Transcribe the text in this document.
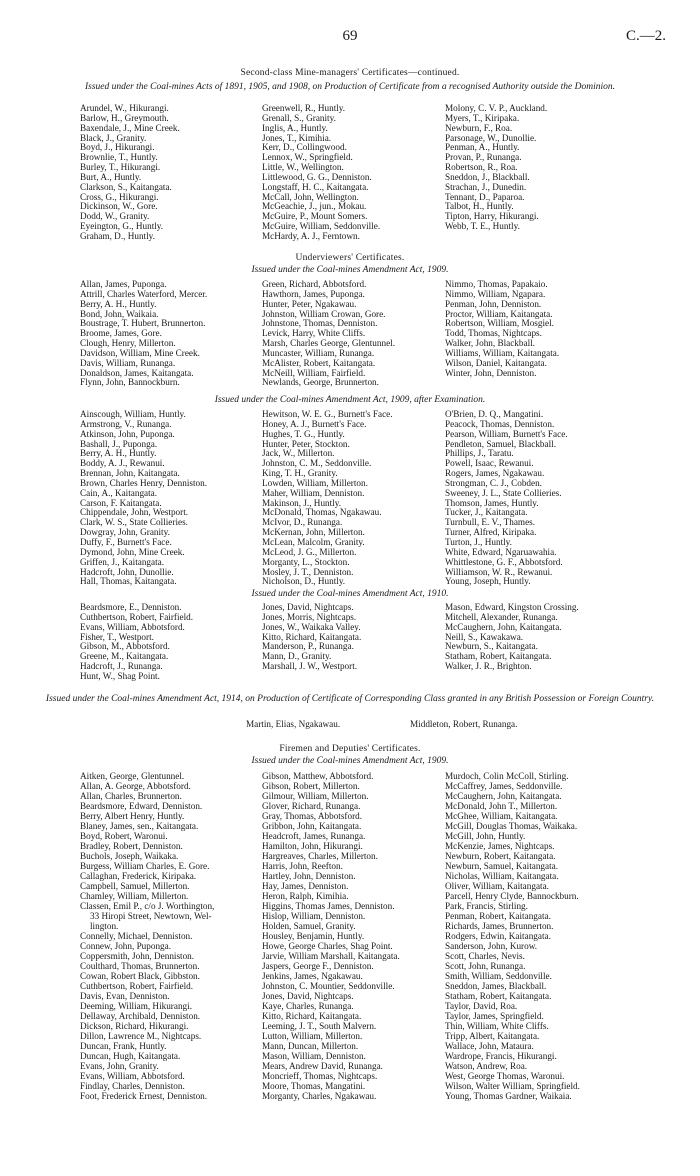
69	C.—2.
Second-class Mine-managers' Certificates—continued.
Issued under the Coal-mines Acts of 1891, 1905, and 1908, on Production of Certificate from a recognised Authority outside the Dominion.
Arundel, W., Hikurangi.
Barlow, H., Greymouth.
Baxendale, J., Mine Creek.
Black, J., Granity.
Boyd, J., Hikurangi.
Brownlie, T., Huntly.
Burley, T., Hikurangi.
Burt, A., Huntly.
Clarkson, S., Kaitangata.
Cross, G., Hikurangi.
Dickinson, W., Gore.
Dodd, W., Granity.
Eyeington, G., Huntly.
Graham, D., Huntly.
Greenwell, R., Huntly.
Grenall, S., Granity.
Inglis, A., Huntly.
Jones, T., Kimihia.
Kerr, D., Collingwood.
Lennox, W., Springfield.
Little, W., Wellington.
Littlewood, G. G., Denniston.
Longstaff, H. C., Kaitangata.
McCall, John, Wellington.
McGeachie, J., jun., Mokau.
McGuire, P., Mount Somers.
McGuire, William, Seddonville.
McHardy, A. J., Ferntown.
Molony, C. V. P., Auckland.
Myers, T., Kiripaka.
Newburn, F., Roa.
Parsonage, W., Dunollie.
Penman, A., Huntly.
Provan, P., Runanga.
Robertson, R., Roa.
Sneddon, J., Blackball.
Strachan, J., Dunedin.
Tennant, D., Paparoa.
Talbot, H., Huntly.
Tipton, Harry, Hikurangi.
Webb, T. E., Huntly.
Underviewers' Certificates.
Issued under the Coal-mines Amendment Act, 1909.
Allan, James, Puponga.
Attrill, Charles Waterford, Mercer.
Berry, A. H., Huntly.
Bond, John, Waikaia.
Boustrage, T. Hubert, Brunnerton.
Broome, James, Gore.
Clough, Henry, Millerton.
Davidson, William, Mine Creek.
Davis, William, Runanga.
Donaldson, James, Kaitangata.
Flynn, John, Bannockburn.
Green, Richard, Abbotsford.
Hawthorn, James, Puponga.
Hunter, Peter, Ngakawau.
Johnston, William Crowan, Gore.
Johnstone, Thomas, Denniston.
Levick, Harry, White Cliffs.
Marsh, Charles George, Glentunnel.
Muncaster, William, Runanga.
McAlister, Robert, Kaitangata.
McNeill, William, Fairfield.
Newlands, George, Brunnerton.
Nimmo, Thomas, Papakaio.
Nimmo, William, Ngapara.
Penman, John, Denniston.
Proctor, William, Kaitangata.
Robertson, William, Mosgiel.
Todd, Thomas, Nightcaps.
Walker, John, Blackball.
Williams, William, Kaitangata.
Wilson, Daniel, Kaitangata.
Winter, John, Denniston.
Issued under the Coal-mines Amendment Act, 1909, after Examination.
Ainscough, William, Huntly.
Armstrong, V., Runanga.
Atkinson, John, Puponga.
Bashall, J., Puponga.
Berry, A. H., Huntly.
Boddy, A. J., Rewanui.
Brennan, John, Kaitangata.
Brown, Charles Henry, Denniston.
Cain, A., Kaitangata.
Carson, F. Kaitangata.
Chippendale, John, Westport.
Clark, W. S., State Collieries.
Dowgray, John, Granity.
Duffy, F., Burnett's Face.
Dymond, John, Mine Creek.
Griffen, J., Kaitangata.
Hadcroft, John, Dunollie.
Hall, Thomas, Kaitangata.
Hewitson, W. E. G., Burnett's Face.
Honey, A. J., Burnett's Face.
Hughes, T. G., Huntly.
Hunter, Peter, Stockton.
Jack, W., Millerton.
Johnston, C. M., Seddonville.
King, T. H., Granity.
Lowden, William, Millerton.
Maher, William, Denniston.
Makinson, J., Huntly.
McDonald, Thomas, Ngakawau.
McIvor, D., Runanga.
McKernan, John, Millerton.
McLean, Malcolm, Granity.
McLeod, J. G., Millerton.
Morganty, L., Stockton.
Mosley, J. T., Denniston.
Nicholson, D., Huntly.
O'Brien, D. Q., Mangatini.
Peacock, Thomas, Denniston.
Pearson, William, Burnett's Face.
Pendleton, Samuel, Blackball.
Phillips, J., Taratu.
Powell, Isaac, Rewanui.
Rogers, James, Ngakawau.
Strongman, C. J., Cobden.
Sweeney, J. L., State Collieries.
Thomson, James, Huntly.
Tucker, J., Kaitangata.
Turnbull, E. V., Thames.
Turner, Alfred, Kiripaka.
Turton, J., Huntly.
White, Edward, Ngaruawahia.
Whittlestone, G. F., Abbotsford.
Williamson, W. R., Rewanui.
Young, Joseph, Huntly.
Issued under the Coal-mines Amendment Act, 1910.
Beardsmore, E., Denniston.
Cuthbertson, Robert, Fairfield.
Evans, William, Abbotsford.
Fisher, T., Westport.
Gibson, M., Abbotsford.
Greene, M., Kaitangata.
Hadcroft, J., Runanga.
Hunt, W., Shag Point.
Jones, David, Nightcaps.
Jones, Morris, Nightcaps.
Jones, W., Waikaka Valley.
Kitto, Richard, Kaitangata.
Manderson, P., Runanga.
Mann, D., Granity.
Marshall, J. W., Westport.
Mason, Edward, Kingston Crossing.
Mitchell, Alexander, Runanga.
McCaughern, John, Kaitangata.
Neill, S., Kawakawa.
Newburn, S., Kaitangata.
Statham, Robert, Kaitangata.
Walker, J. R., Brighton.
Issued under the Coal-mines Amendment Act, 1914, on Production of Certificate of Corresponding Class granted in any British Possession or Foreign Country.
Martin, Elias, Ngakawau.	Middleton, Robert, Runanga.
Firemen and Deputies' Certificates.
Issued under the Coal-mines Amendment Act, 1909.
Aitken, George, Glentunnel.
Allan, A. George, Abbotsford.
Allan, Charles, Brunnerton.
Beardsmore, Edward, Denniston.
Berry, Albert Henry, Huntly.
Blaney, James, sen., Kaitangata.
Boyd, Robert, Waronui.
Bradley, Robert, Denniston.
Buchols, Joseph, Waikaka.
Burgess, William Charles, E. Gore.
Callaghan, Frederick, Kiripaka.
Campbell, Samuel, Millerton.
Chamley, William, Millerton.
Classen, Emil P., c/o J. Worthington,
33 Hiropi Street, Newtown, Wel-
lington.
Connelly, Michael, Denniston.
Connew, John, Puponga.
Coppersmith, John, Denniston.
Coulthard, Thomas, Brunnerton.
Cowan, Robert Black, Gibbston.
Cuthbertson, Robert, Fairfield.
Davis, Evan, Denniston.
Deeming, William, Hikurangi.
Dellaway, Archibald, Denniston.
Dickson, Richard, Hikurangi.
Dillon, Lawrence M., Nightcaps.
Duncan, Frank, Huntly.
Duncan, Hugh, Kaitangata.
Evans, John, Granity.
Evans, William, Abbotsford.
Findlay, Charles, Denniston.
Foot, Frederick Ernest, Denniston.
Gibson, Matthew, Abbotsford.
Gibson, Robert, Millerton.
Gilmour, William, Millerton.
Glover, Richard, Runanga.
Gray, Thomas, Abbotsford.
Gribbon, John, Kaitangata.
Headcroft, James, Runanga.
Hamilton, John, Hikurangi.
Hargreaves, Charles, Millerton.
Harris, John, Reefton.
Hartley, John, Denniston.
Hay, James, Denniston.
Heron, Ralph, Kimihia.
Higgins, Thomas James, Denniston.
Hislop, William, Denniston.
Holden, Samuel, Granity.
Housley, Benjamin, Huntly.
Howe, George Charles, Shag Point.
Jarvie, William Marshall, Kaitangata.
Jaspers, George F., Denniston.
Jenkins, James, Ngakawau.
Johnston, C. Mountier, Seddonville.
Jones, David, Nightcaps.
Kaye, Charles, Runanga.
Kitto, Richard, Kaitangata.
Leeming, J. T., South Malvern.
Lutton, William, Millerton.
Mann, Duncan, Millerton.
Mason, William, Denniston.
Mears, Andrew David, Runanga.
Moncrieff, Thomas, Nightcaps.
Moore, Thomas, Mangatini.
Morganty, Charles, Ngakawau.
Murdoch, Colin McColl, Stirling.
McCaffrey, James, Seddonville.
McCaughern, John, Kaitangata.
McDonald, John T., Millerton.
McGhee, William, Kaitangata.
McGill, Douglas Thomas, Waikaka.
McGill, John, Huntly.
McKenzie, James, Nightcaps.
Newburn, Robert, Kaitangata.
Newburn, Samuel, Kaitangata.
Nicholas, William, Kaitangata.
Oliver, William, Kaitangata.
Parcell, Henry Clyde, Bannockburn.
Park, Francis, Stirling.
Penman, Robert, Kaitangata.
Richards, James, Brunnerton.
Rodgers, Edwin, Kaitangata.
Sanderson, John, Kurow.
Scott, Charles, Nevis.
Scott, John, Runanga.
Smith, William, Seddonville.
Sneddon, James, Blackball.
Statham, Robert, Kaitangata.
Taylor, David, Roa.
Taylor, James, Springfield.
Thin, William, White Cliffs.
Tripp, Albert, Kaitangata.
Wallace, John, Mataura.
Wardrope, Francis, Hikurangi.
Watson, Andrew, Roa.
West, George Thomas, Waronui.
Wilson, Walter William, Springfield.
Young, Thomas Gardner, Waikaia.
